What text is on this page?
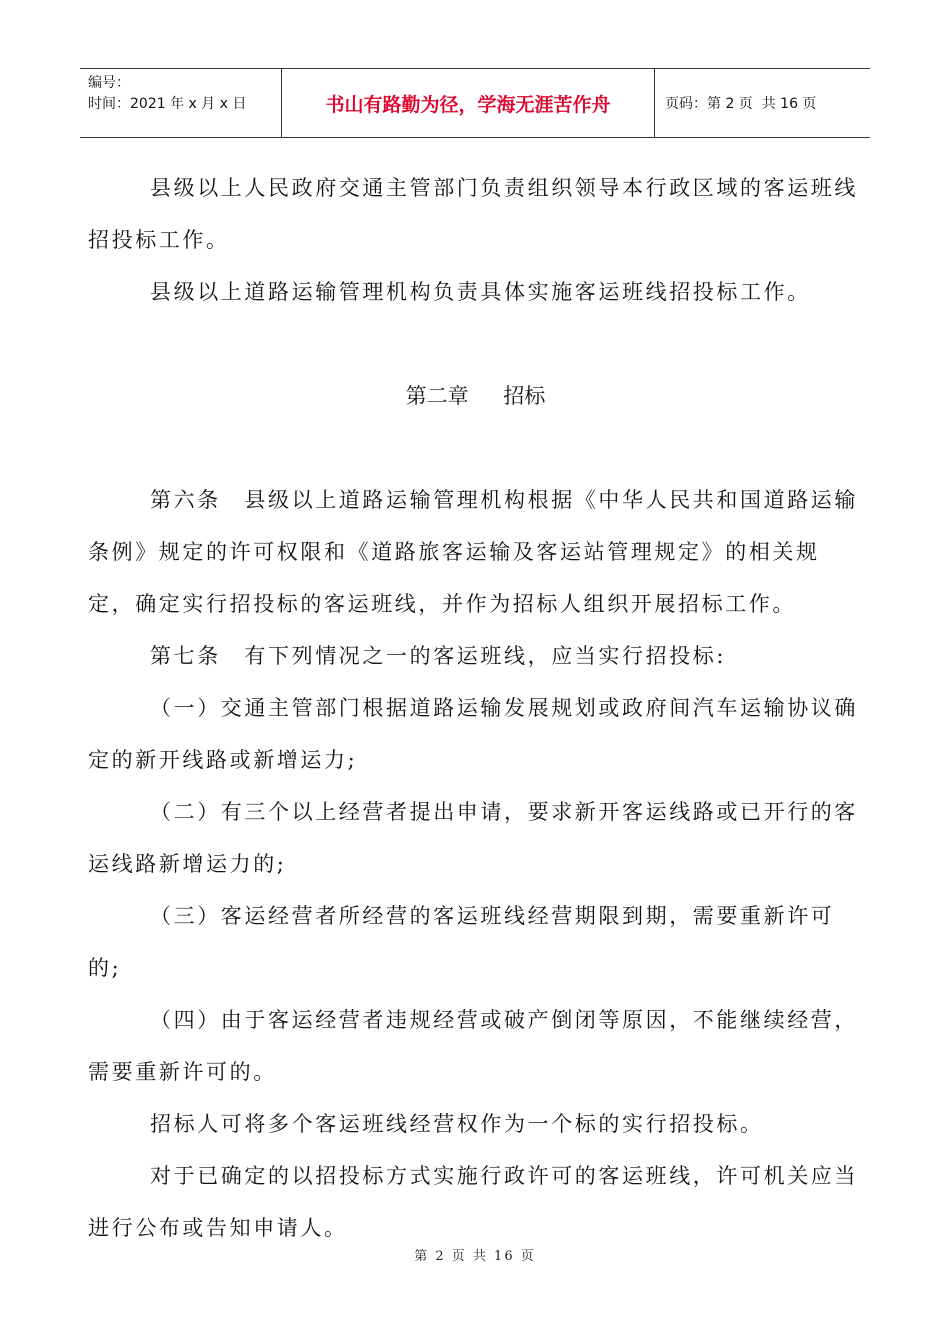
编号：
时间：2021 年 x 月 x 日	书山有路勤为径，学海无涯苦作舟	页码：第 2 页  共 16 页

县级以上人民政府交通主管部门负责组织领导本行政区域的客运班线招投标工作。

县级以上道路运输管理机构负责具体实施客运班线招投标工作。

第二章 招标

第六条　县级以上道路运输管理机构根据《中华人民共和国道路运输条例》规定的许可权限和《道路旅客运输及客运站管理规定》的相关规定，确定实行招投标的客运班线，并作为招标人组织开展招标工作。

第七条　有下列情况之一的客运班线，应当实行招投标:

（一）交通主管部门根据道路运输发展规划或政府间汽车运输协议确定的新开线路或新增运力;

（二）有三个以上经营者提出申请，要求新开客运线路或已开行的客运线路新增运力的;

（三）客运经营者所经营的客运班线经营期限到期，需要重新许可的;

（四）由于客运经营者违规经营或破产倒闭等原因，不能继续经营，需要重新许可的。

招标人可将多个客运班线经营权作为一个标的实行招投标。

对于已确定的以招投标方式实施行政许可的客运班线，许可机关应当进行公布或告知申请人。

第 2 页 共 16 页
